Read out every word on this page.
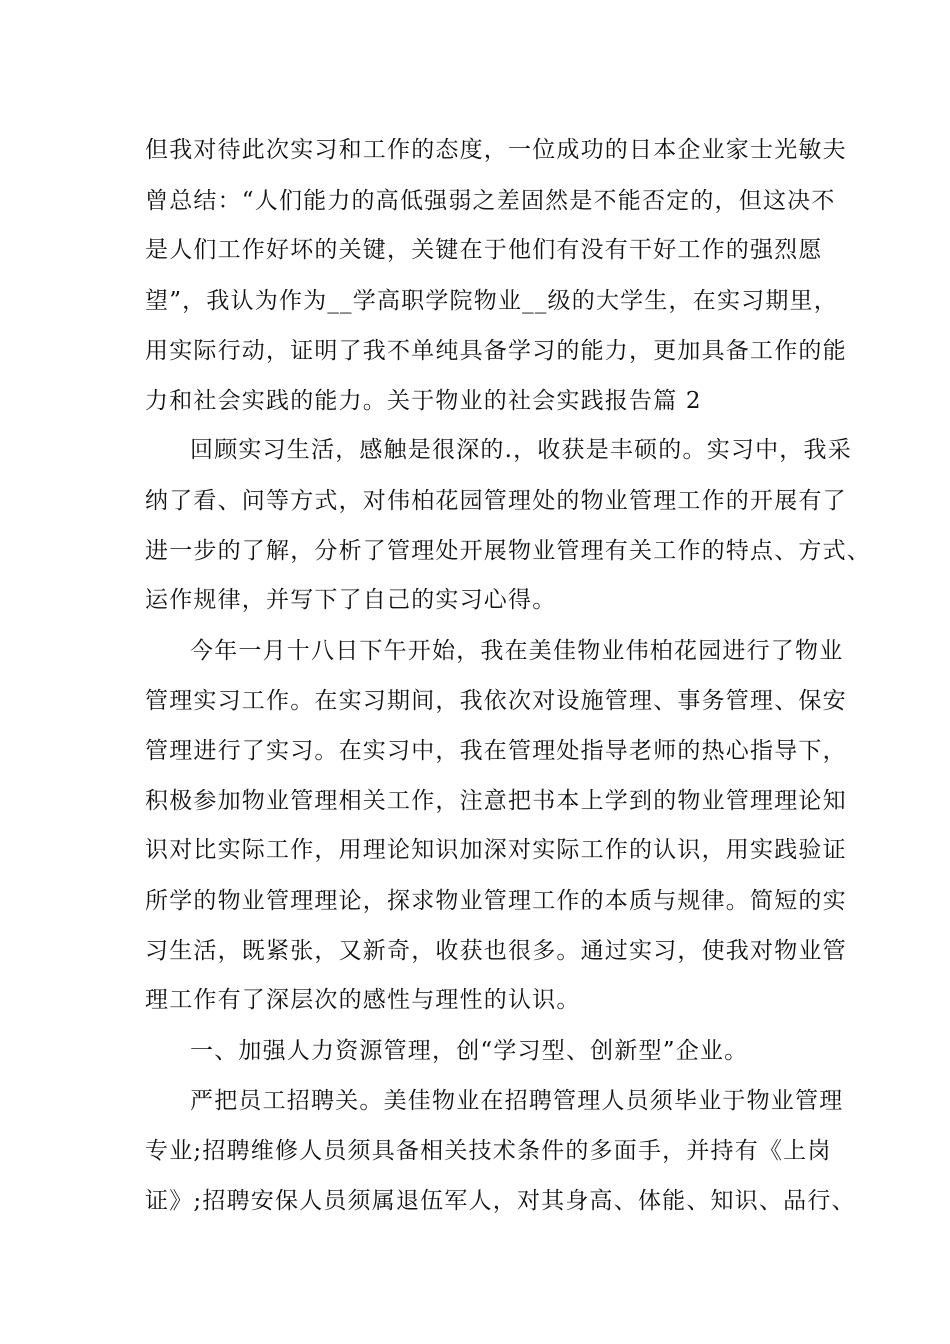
但我对待此次实习和工作的态度，一位成功的日本企业家士光敏夫
曾总结：“人们能力的高低强弱之差固然是不能否定的，但这决不
是人们工作好坏的关键，关键在于他们有没有干好工作的强烈愿
望”，我认为作为__学高职学院物业__级的大学生，在实习期里，
用实际行动，证明了我不单纯具备学习的能力，更加具备工作的能
力和社会实践的能力。关于物业的社会实践报告篇 2
回顾实习生活，感触是很深的.，收获是丰硕的。实习中，我采
纳了看、问等方式，对伟柏花园管理处的物业管理工作的开展有了
进一步的了解，分析了管理处开展物业管理有关工作的特点、方式、
运作规律，并写下了自己的实习心得。
今年一月十八日下午开始，我在美佳物业伟柏花园进行了物业
管理实习工作。在实习期间，我依次对设施管理、事务管理、保安
管理进行了实习。在实习中，我在管理处指导老师的热心指导下，
积极参加物业管理相关工作，注意把书本上学到的物业管理理论知
识对比实际工作，用理论知识加深对实际工作的认识，用实践验证
所学的物业管理理论，探求物业管理工作的本质与规律。简短的实
习生活，既紧张，又新奇，收获也很多。通过实习，使我对物业管
理工作有了深层次的感性与理性的认识。
一、加强人力资源管理，创“学习型、创新型”企业。
严把员工招聘关。美佳物业在招聘管理人员须毕业于物业管理
专业;招聘维修人员须具备相关技术条件的多面手，并持有《上岗
证》;招聘安保人员须属退伍军人，对其身高、体能、知识、品行、
